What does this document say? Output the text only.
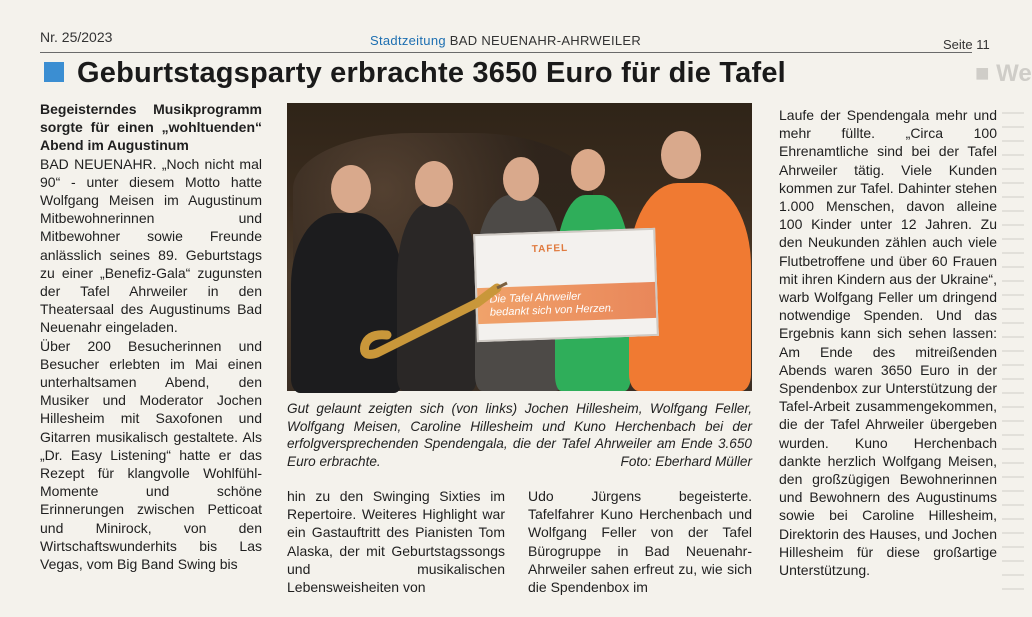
Nr. 25/2023	Stadtzeitung BAD NEUENAHR-AHRWEILER	Seite 11
Geburtstagsparty erbrachte 3650 Euro für die Tafel	■ We

Begeisterndes Musikprogramm sorgte für einen „wohltuenden“ Abend im Augustinum

BAD NEUENAHR. „Noch nicht mal 90“ - unter diesem Motto hatte Wolfgang Meisen im Augustinum Mitbewohnerinnen und Mitbewohner sowie Freunde anlässlich seines 89. Geburtstags zu einer „Benefiz-Gala“ zugunsten der Tafel Ahrweiler in den Theatersaal des Augustinums Bad Neuenahr eingeladen.

Über 200 Besucherinnen und Besucher erlebten im Mai einen unterhaltsamen Abend, den Musiker und Moderator Jochen Hillesheim mit Saxofonen und Gitarren musikalisch gestaltete. Als „Dr. Easy Listening“ hatte er das Rezept für klangvolle Wohlfühl-Momente und schöne Erinnerungen zwischen Petticoat und Minirock, von den Wirtschaftswunderhits bis Las Vegas, vom Big Band Swing bis

TAFEL
Die Tafel Ahrweiler
bedankt sich von Herzen.
Gut gelaunt zeigten sich (von links) Jochen Hillesheim, Wolfgang Feller, Wolfgang Meisen, Caroline Hillesheim und Kuno Herchenbach bei der erfolgversprechenden Spendengala, die der Tafel Ahrweiler am Ende 3.650 Euro erbrachte.	Foto: Eberhard Müller

hin zu den Swinging Sixties im Repertoire. Weiteres Highlight war ein Gastauftritt des Pianisten Tom Alaska, der mit Geburtstagssongs und musikalischen Lebensweisheiten von

Udo Jürgens begeisterte. Tafelfahrer Kuno Herchenbach und Wolfgang Feller von der Tafel Bürogruppe in Bad Neuenahr-Ahrweiler sahen erfreut zu, wie sich die Spendenbox im

Laufe der Spendengala mehr und mehr füllte. „Circa 100 Ehrenamtliche sind bei der Tafel Ahrweiler tätig. Viele Kunden kommen zur Tafel. Dahinter stehen 1.000 Menschen, davon alleine 100 Kinder unter 12 Jahren. Zu den Neukunden zählen auch viele Flutbetroffene und über 60 Frauen mit ihren Kindern aus der Ukraine“, warb Wolfgang Feller um dringend notwendige Spenden. Und das Ergebnis kann sich sehen lassen: Am Ende des mitreißenden Abends waren 3650 Euro in der Spendenbox zur Unterstützung der Tafel-Arbeit zusammengekommen, die der Tafel Ahrweiler übergeben wurden. Kuno Herchenbach dankte herzlich Wolfgang Meisen, den großzügigen Bewohnerinnen und Bewohnern des Augustinums sowie bei Caroline Hillesheim, Direktorin des Hauses, und Jochen Hillesheim für diese großartige Unterstützung.
